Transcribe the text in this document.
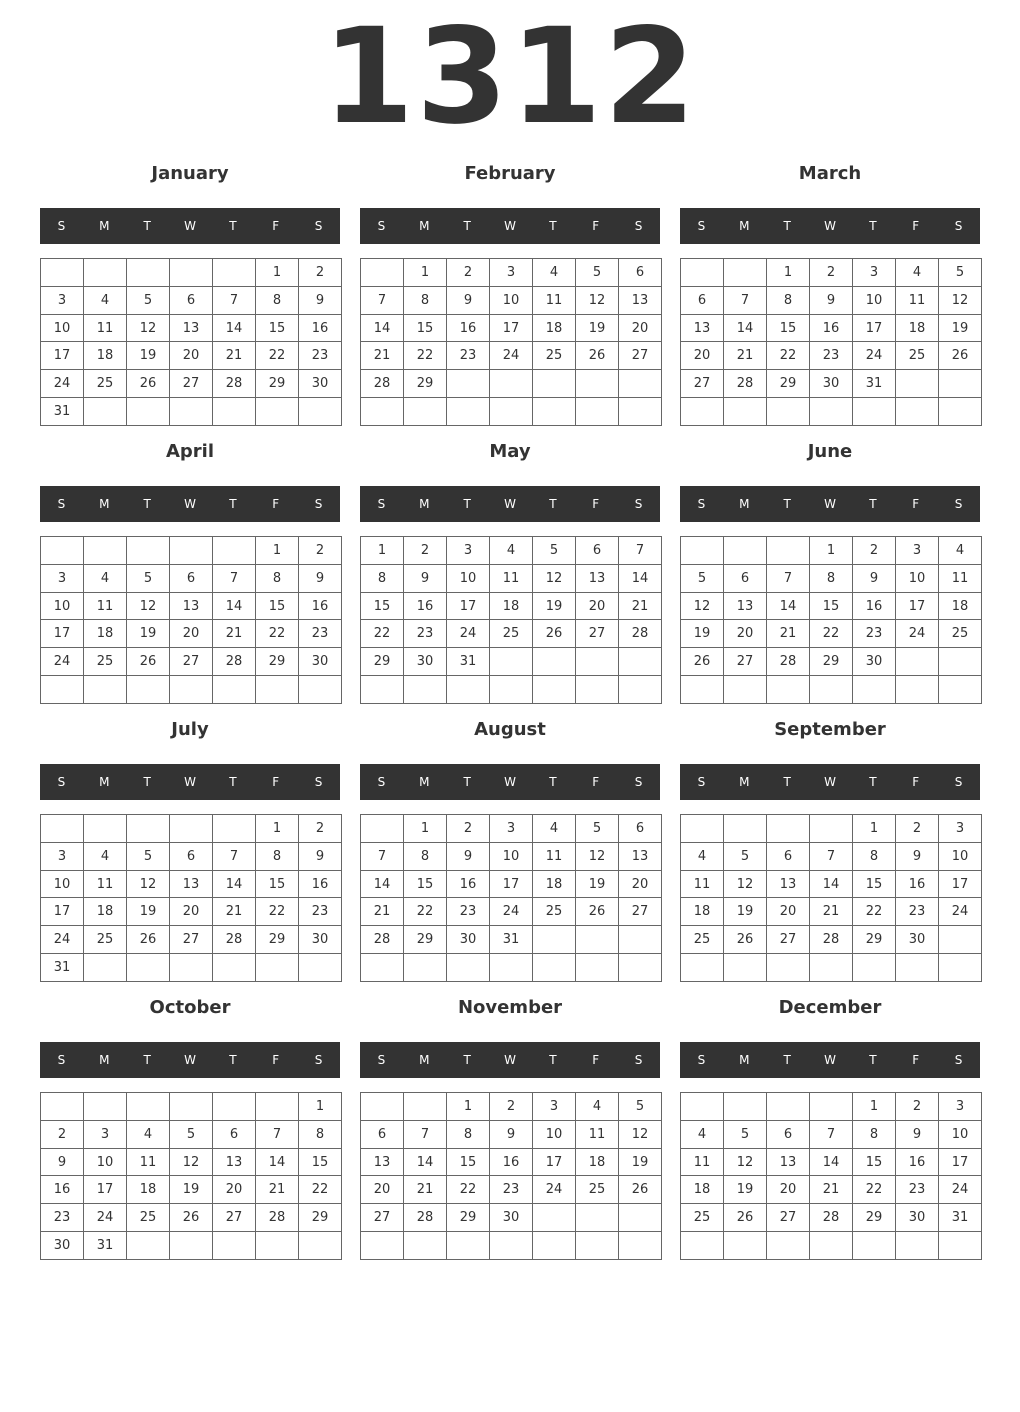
1312
January
S	M	T	W	T	F	S
					1	2
3	4	5	6	7	8	9
10	11	12	13	14	15	16
17	18	19	20	21	22	23
24	25	26	27	28	29	30
31						
February
S	M	T	W	T	F	S
	1	2	3	4	5	6
7	8	9	10	11	12	13
14	15	16	17	18	19	20
21	22	23	24	25	26	27
28	29					

March
S	M	T	W	T	F	S
		1	2	3	4	5
6	7	8	9	10	11	12
13	14	15	16	17	18	19
20	21	22	23	24	25	26
27	28	29	30	31		

April
S	M	T	W	T	F	S
					1	2
3	4	5	6	7	8	9
10	11	12	13	14	15	16
17	18	19	20	21	22	23
24	25	26	27	28	29	30

May
S	M	T	W	T	F	S
1	2	3	4	5	6	7
8	9	10	11	12	13	14
15	16	17	18	19	20	21
22	23	24	25	26	27	28
29	30	31				

June
S	M	T	W	T	F	S
			1	2	3	4
5	6	7	8	9	10	11
12	13	14	15	16	17	18
19	20	21	22	23	24	25
26	27	28	29	30		

July
S	M	T	W	T	F	S
					1	2
3	4	5	6	7	8	9
10	11	12	13	14	15	16
17	18	19	20	21	22	23
24	25	26	27	28	29	30
31						
August
S	M	T	W	T	F	S
	1	2	3	4	5	6
7	8	9	10	11	12	13
14	15	16	17	18	19	20
21	22	23	24	25	26	27
28	29	30	31			

September
S	M	T	W	T	F	S
				1	2	3
4	5	6	7	8	9	10
11	12	13	14	15	16	17
18	19	20	21	22	23	24
25	26	27	28	29	30	

October
S	M	T	W	T	F	S
						1
2	3	4	5	6	7	8
9	10	11	12	13	14	15
16	17	18	19	20	21	22
23	24	25	26	27	28	29
30	31					
November
S	M	T	W	T	F	S
		1	2	3	4	5
6	7	8	9	10	11	12
13	14	15	16	17	18	19
20	21	22	23	24	25	26
27	28	29	30			

December
S	M	T	W	T	F	S
				1	2	3
4	5	6	7	8	9	10
11	12	13	14	15	16	17
18	19	20	21	22	23	24
25	26	27	28	29	30	31
